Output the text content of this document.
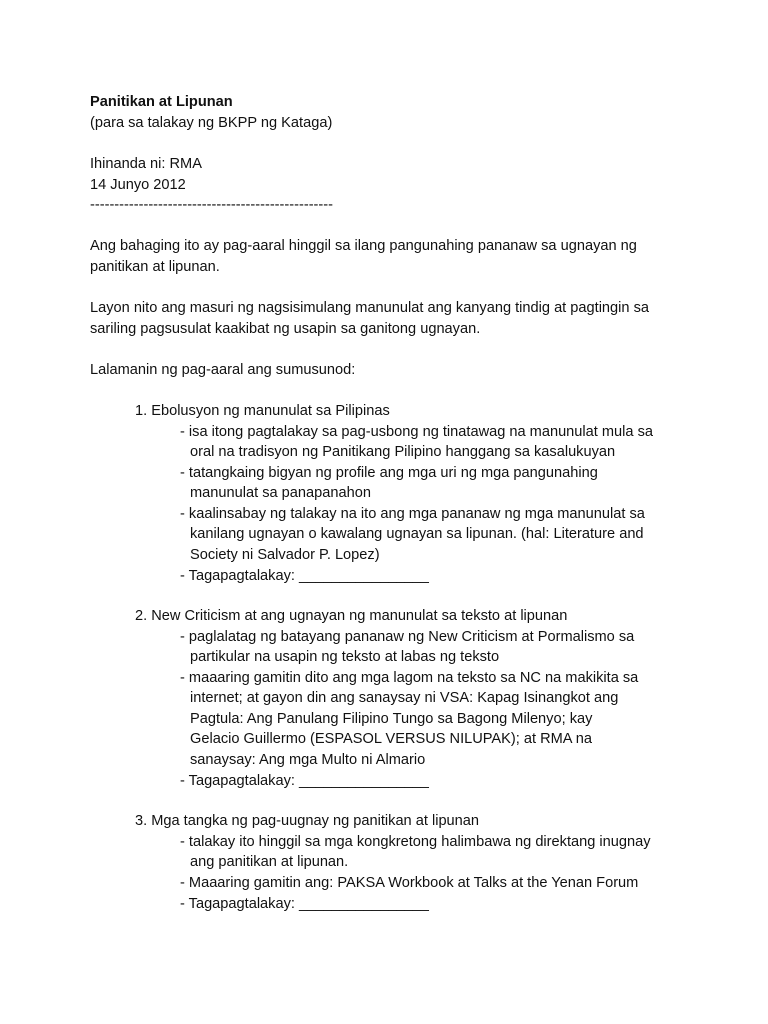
Panitikan at Lipunan
(para sa talakay ng BKPP ng Kataga)
Ihinanda ni: RMA
14 Junyo 2012
--------------------------------------------------
Ang bahaging ito ay pag-aaral hinggil sa ilang pangunahing pananaw sa ugnayan ng
panitikan at lipunan.
Layon nito ang masuri ng nagsisimulang manunulat ang kanyang tindig at pagtingin sa
sariling pagsusulat kaakibat ng usapin sa ganitong ugnayan.
Lalamanin ng pag-aaral ang sumusunod:
1. Ebolusyon ng manunulat sa Pilipinas
- isa itong pagtalakay sa pag-usbong ng tinatawag na manunulat mula sa
oral na tradisyon ng Panitikang Pilipino hanggang sa kasalukuyan
- tatangkaing bigyan ng profile ang mga uri ng mga pangunahing
manunulat sa panapanahon
- kaalinsabay ng talakay na ito ang mga pananaw ng mga manunulat sa
kanilang ugnayan o kawalang ugnayan sa lipunan. (hal: Literature and
Society ni Salvador P. Lopez)
- Tagapagtalakay: ________________
2. New Criticism at ang ugnayan ng manunulat sa teksto at lipunan
- paglalatag ng batayang pananaw ng New Criticism at Pormalismo sa
partikular na usapin ng teksto at labas ng teksto
- maaaring gamitin dito ang mga lagom na teksto sa NC na makikita sa
internet; at gayon din ang sanaysay ni VSA: Kapag Isinangkot ang
Pagtula: Ang Panulang Filipino Tungo sa Bagong Milenyo; kay
Gelacio Guillermo (ESPASOL VERSUS NILUPAK); at RMA na
sanaysay: Ang mga Multo ni Almario
- Tagapagtalakay: ________________
3. Mga tangka ng pag-uugnay ng panitikan at lipunan
- talakay ito hinggil sa mga kongkretong halimbawa ng direktang inugnay
ang panitikan at lipunan.
- Maaaring gamitin ang: PAKSA Workbook at Talks at the Yenan Forum
- Tagapagtalakay: ________________
